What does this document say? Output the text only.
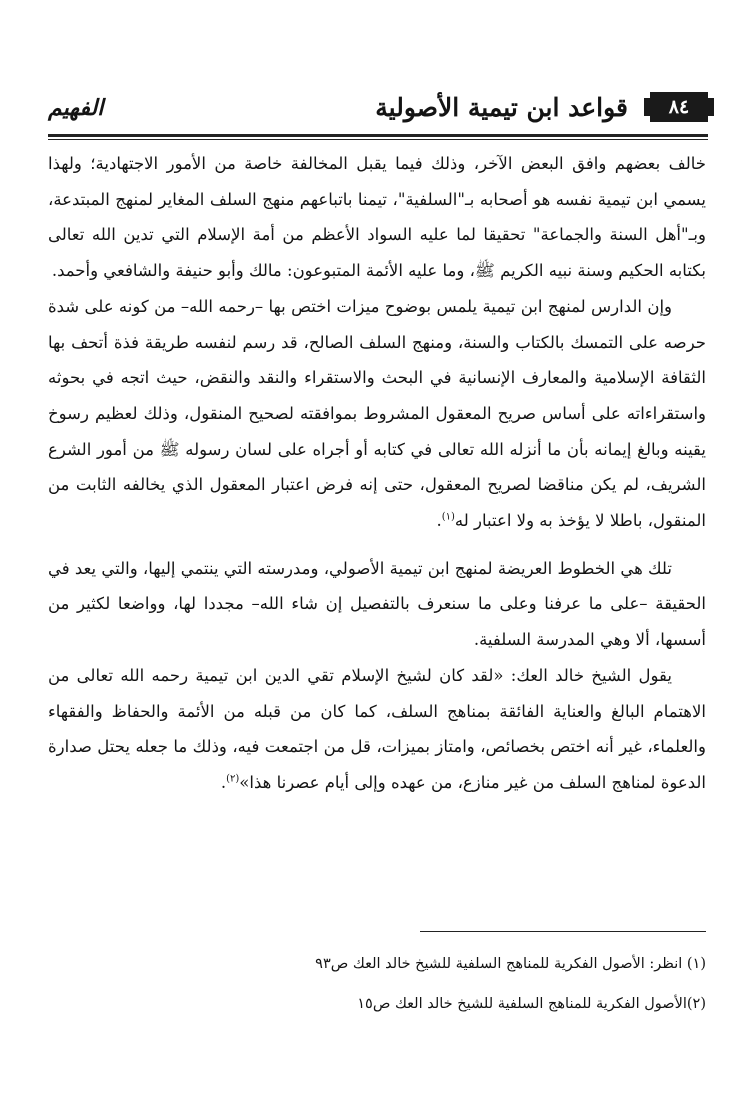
٨٤
قواعد ابن تيمية الأصولية
الفهيم

خالف بعضهم وافق البعض الآخر، وذلك فيما يقبل المخالفة خاصة من الأمور الاجتهادية؛ ولهذا يسمي ابن تيمية نفسه هو أصحابه بـ"السلفية"، تيمنا باتباعهم منهج السلف المغاير لمنهج المبتدعة، وبـ"أهل السنة والجماعة" تحقيقا لما عليه السواد الأعظم من أمة الإسلام التي تدين الله تعالى بكتابه الحكيم وسنة نبيه الكريم ﷺ، وما عليه الأئمة المتبوعون: مالك وأبو حنيفة والشافعي وأحمد.

وإن الدارس لمنهج ابن تيمية يلمس بوضوح ميزات اختص بها –رحمه الله– من كونه على شدة حرصه على التمسك بالكتاب والسنة، ومنهج السلف الصالح، قد رسم لنفسه طريقة فذة أتحف بها الثقافة الإسلامية والمعارف الإنسانية في البحث والاستقراء والنقد والنقض، حيث اتجه في بحوثه واستقراءاته على أساس صريح المعقول المشروط بموافقته لصحيح المنقول، وذلك لعظيم رسوخ يقينه وبالغ إيمانه بأن ما أنزله الله تعالى في كتابه أو أجراه على لسان رسوله ﷺ من أمور الشرع الشريف، لم يكن مناقضا لصريح المعقول، حتى إنه فرض اعتبار المعقول الذي يخالفه الثابت من المنقول، باطلا لا يؤخذ به ولا اعتبار له$^{(١)}$.

تلك هي الخطوط العريضة لمنهج ابن تيمية الأصولي، ومدرسته التي ينتمي إليها، والتي يعد في الحقيقة –على ما عرفنا وعلى ما سنعرف بالتفصيل إن شاء الله– مجددا لها، وواضعا لكثير من أسسها، ألا وهي المدرسة السلفية.

يقول الشيخ خالد العك: «لقد كان لشيخ الإسلام تقي الدين ابن تيمية رحمه الله تعالى من الاهتمام البالغ والعناية الفائقة بمناهج السلف، كما كان من قبله من الأئمة والحفاظ والفقهاء والعلماء، غير أنه اختص بخصائص، وامتاز بميزات، قل من اجتمعت فيه، وذلك ما جعله يحتل صدارة الدعوة لمناهج السلف من غير منازع، من عهده وإلى أيام عصرنا هذا»$^{(٢)}$.

(١) انظر: الأصول الفكرية للمناهج السلفية للشيخ خالد العك ص٩٣

(٢)الأصول الفكرية للمناهج السلفية للشيخ خالد العك ص١٥
